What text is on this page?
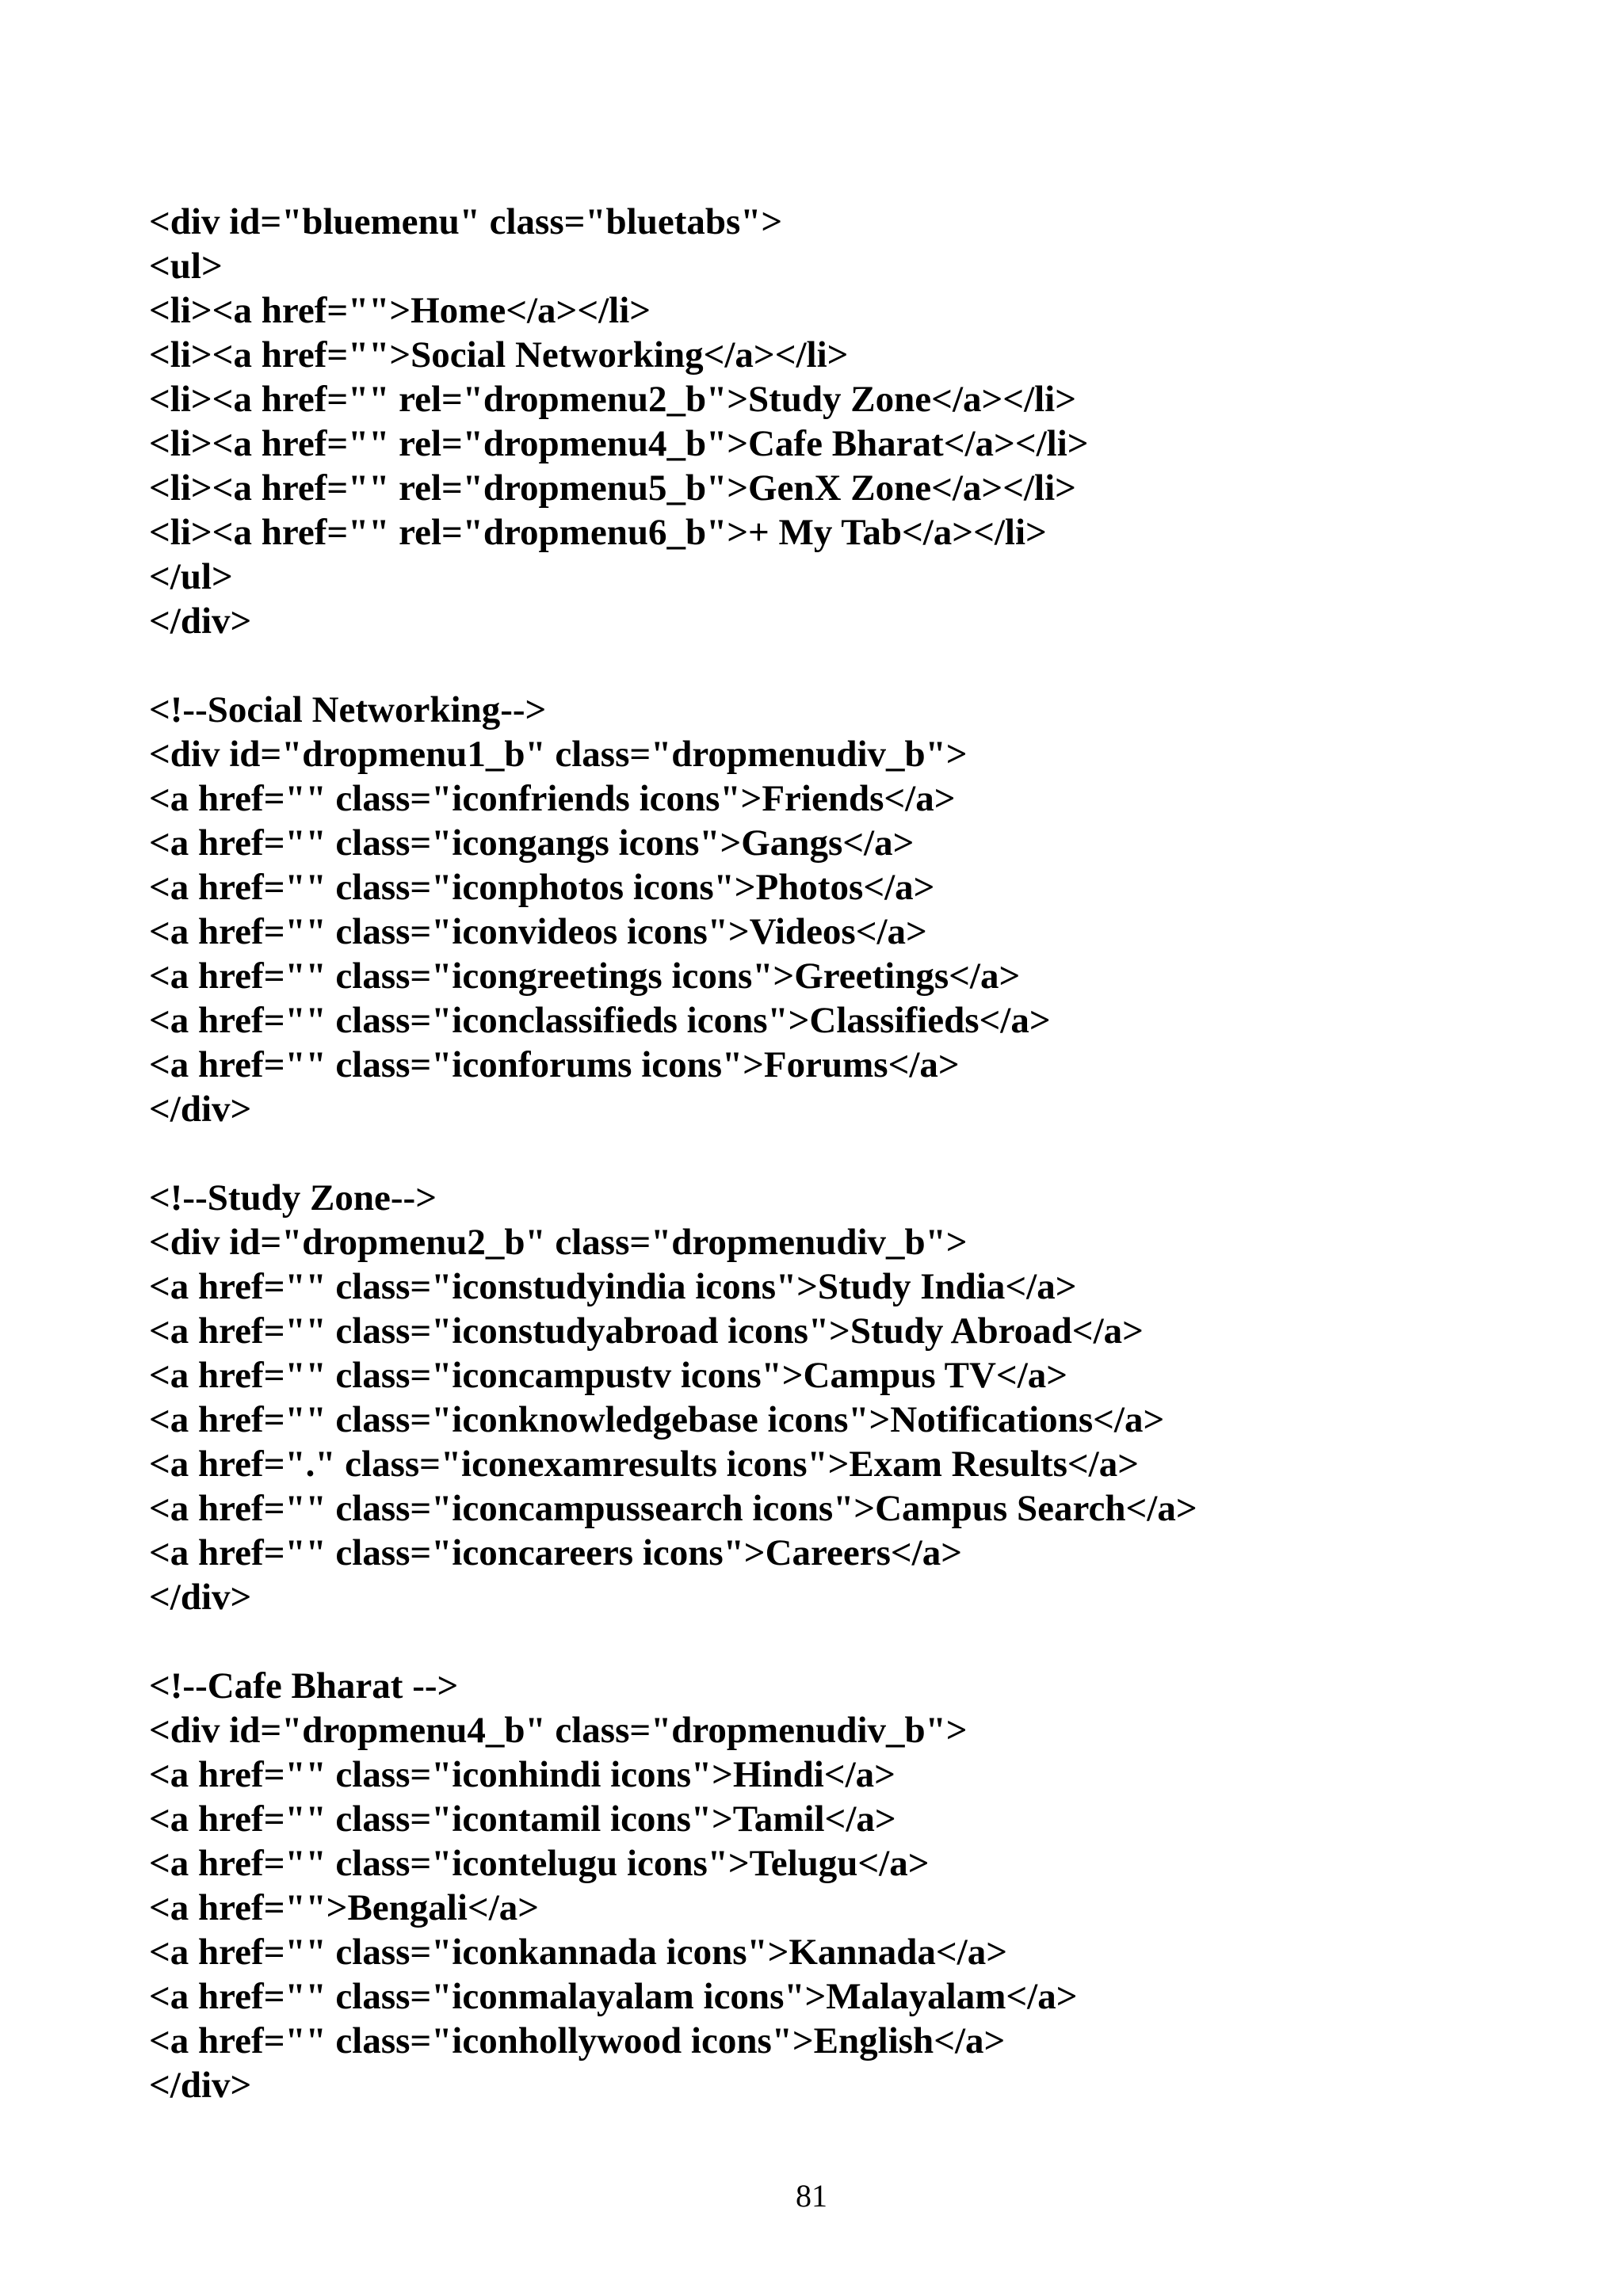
<div id="bluemenu" class="bluetabs">
<ul>
<li><a href="">Home</a></li>
<li><a href="">Social Networking</a></li>
<li><a href="" rel="dropmenu2_b">Study Zone</a></li>
<li><a href="" rel="dropmenu4_b">Cafe Bharat</a></li>
<li><a href="" rel="dropmenu5_b">GenX Zone</a></li>
<li><a href="" rel="dropmenu6_b">+ My Tab</a></li>
</ul>
</div>
<!--Social Networking-->
<div id="dropmenu1_b" class="dropmenudiv_b">
<a href="" class="iconfriends icons">Friends</a>
<a href="" class="icongangs icons">Gangs</a>
<a href="" class="iconphotos icons">Photos</a>
<a href="" class="iconvideos icons">Videos</a>
<a href="" class="icongreetings icons">Greetings</a>
<a href="" class="iconclassifieds icons">Classifieds</a>
<a href="" class="iconforums icons">Forums</a>
</div>
<!--Study Zone-->
<div id="dropmenu2_b" class="dropmenudiv_b">
<a href="" class="iconstudyindia icons">Study India</a>
<a href="" class="iconstudyabroad icons">Study Abroad</a>
<a href="" class="iconcampustv icons">Campus TV</a>
<a href="" class="iconknowledgebase icons">Notifications</a>
<a href="." class="iconexamresults icons">Exam Results</a>
<a href="" class="iconcampussearch icons">Campus Search</a>
<a href="" class="iconcareers icons">Careers</a>
</div>
<!--Cafe Bharat -->
<div id="dropmenu4_b" class="dropmenudiv_b">
<a href="" class="iconhindi icons">Hindi</a>
<a href="" class="icontamil icons">Tamil</a>
<a href="" class="icontelugu icons">Telugu</a>
<a href="">Bengali</a>
<a href="" class="iconkannada icons">Kannada</a>
<a href="" class="iconmalayalam icons">Malayalam</a>
<a href="" class="iconhollywood icons">English</a>
</div>
81
